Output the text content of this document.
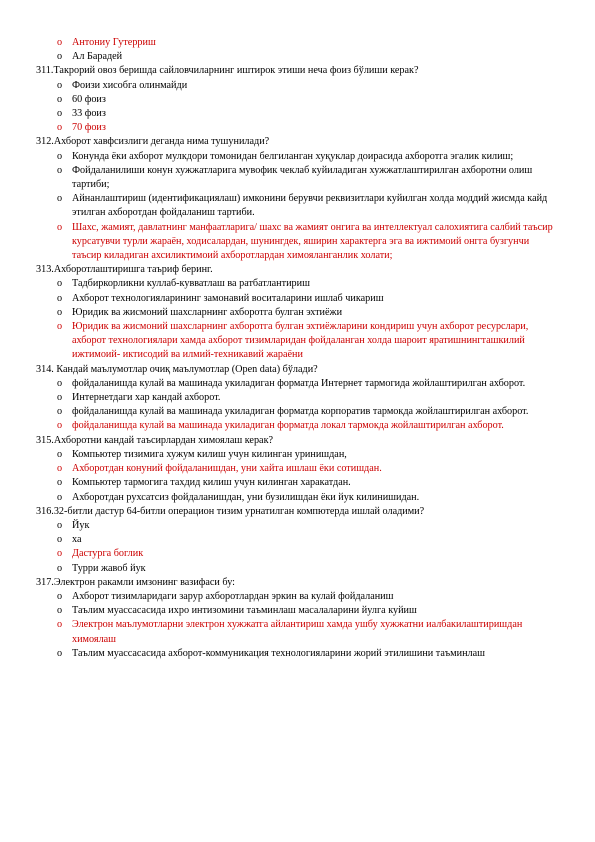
o Антониу Гутерриш
o Ал Барадей
311.Такрорий овоз беришда сайловчиларнинг иштирок этиши неча фоиз бўлиши керак?
o Фоизи хисобга олинмайди
o 60 фоиз
o 33 фоиз
o 70 фоиз
312.Ахборот хавфсизлиги деганда нима тушунилади?
o Конунда ёки ахборот мулкдори томонидан белгиланган хуқуклар доирасида ахборотга эгалик килиш;
o Фойдаланилиши конун хужжатларига мувофик чеклаб куйиладиган хужжатлаштирилган ахборотни олиш тартиби;
o Айнанлаштириш (идентификациялаш) имконини берувчи реквизитлари куйилган холда моддий жисмда кайд этилган ахборотдан фойдаланиш тартиби.
o Шахс, жамият, давлатнинг манфаатларига/ шахс ва жамият онгига ва интеллектуал салохиятига салбий таъсир курсатувчи турли жараён, ходисалардан, шунингдек, яширин характерга эга ва ижтимоий онгга бузгунчи таъсир киладиган ахсиликтимоий ахборотлардан химояланганлик холати;
313.Ахборотлаштиришга таъриф беринг.
o Тадбиркорликни куллаб-кувватлаш ва ратбатлантириш
o Ахборот технологияларининг замонавий воситаларини ишлаб чикариш
o Юридик ва жисмоний шахсларнинг ахборотга булган эхтиёжи
o Юридик ва жисмоний шахсларнинг ахборотга булган эхтиёжларини кондириш учун ахборот ресурслари, ахборот технологиялари хамда ахборот тизимларидан фойдаланган холда шароит яратишнингташкилий ижтимоий- иктисодий ва илмий-техникавий жараёни
314. Кандай маълумотлар очиқ маълумотлар (Open data) бўлади?
o фойдаланишда кулай ва машинада укиладиган форматда Интернет тармогида жойлаштирилган ахборот.
o Интернетдаги хар кандай ахборот.
o фойдаланишда кулай ва машинада укиладиган форматда корпоратив тармокда жойлаштирилган ахборот.
o фойдаланишда кулай ва машинада укиладиган форматда локал тармокда жойлаштирилган ахборот.
315.Ахборотни кандай таъсирлардан химоялаш керак?
o Компьютер тизимига хужум килиш учун килинган уринишдан,
o Ахборотдан конуний фойдаланишдан, уни хайта ишлаш ёки сотишдан.
o Компьютер тармогига тахдид килиш учун килинган харакатдан.
o Ахборотдан рухсатсиз фойдаланишдан, уни бузилишдан ёки йук килинишидан.
316.32-битли дастур 64-битли операцион тизим урнатилган компютерда ишлай оладими?
o Йук
o ха
o Дастурга боглик
o Турри жавоб йук
317.Электрон ракамли имзонинг вазифаси бу:
o Ахборот тизимларидаги зарур ахборотлардан эркин ва кулай фойдаланиш
o Таълим муассасасида иxро интизомини таъминлаш масалаларини йулга куйиш
o Электрон маълумотларни электрон хужжатга айлантириш хамда ушбу хужжатни иалбакилаштиришдан химоялаш
o Таълим муассасасида ахборот-коммуникация технологияларини жорий этилишини таъминлаш
